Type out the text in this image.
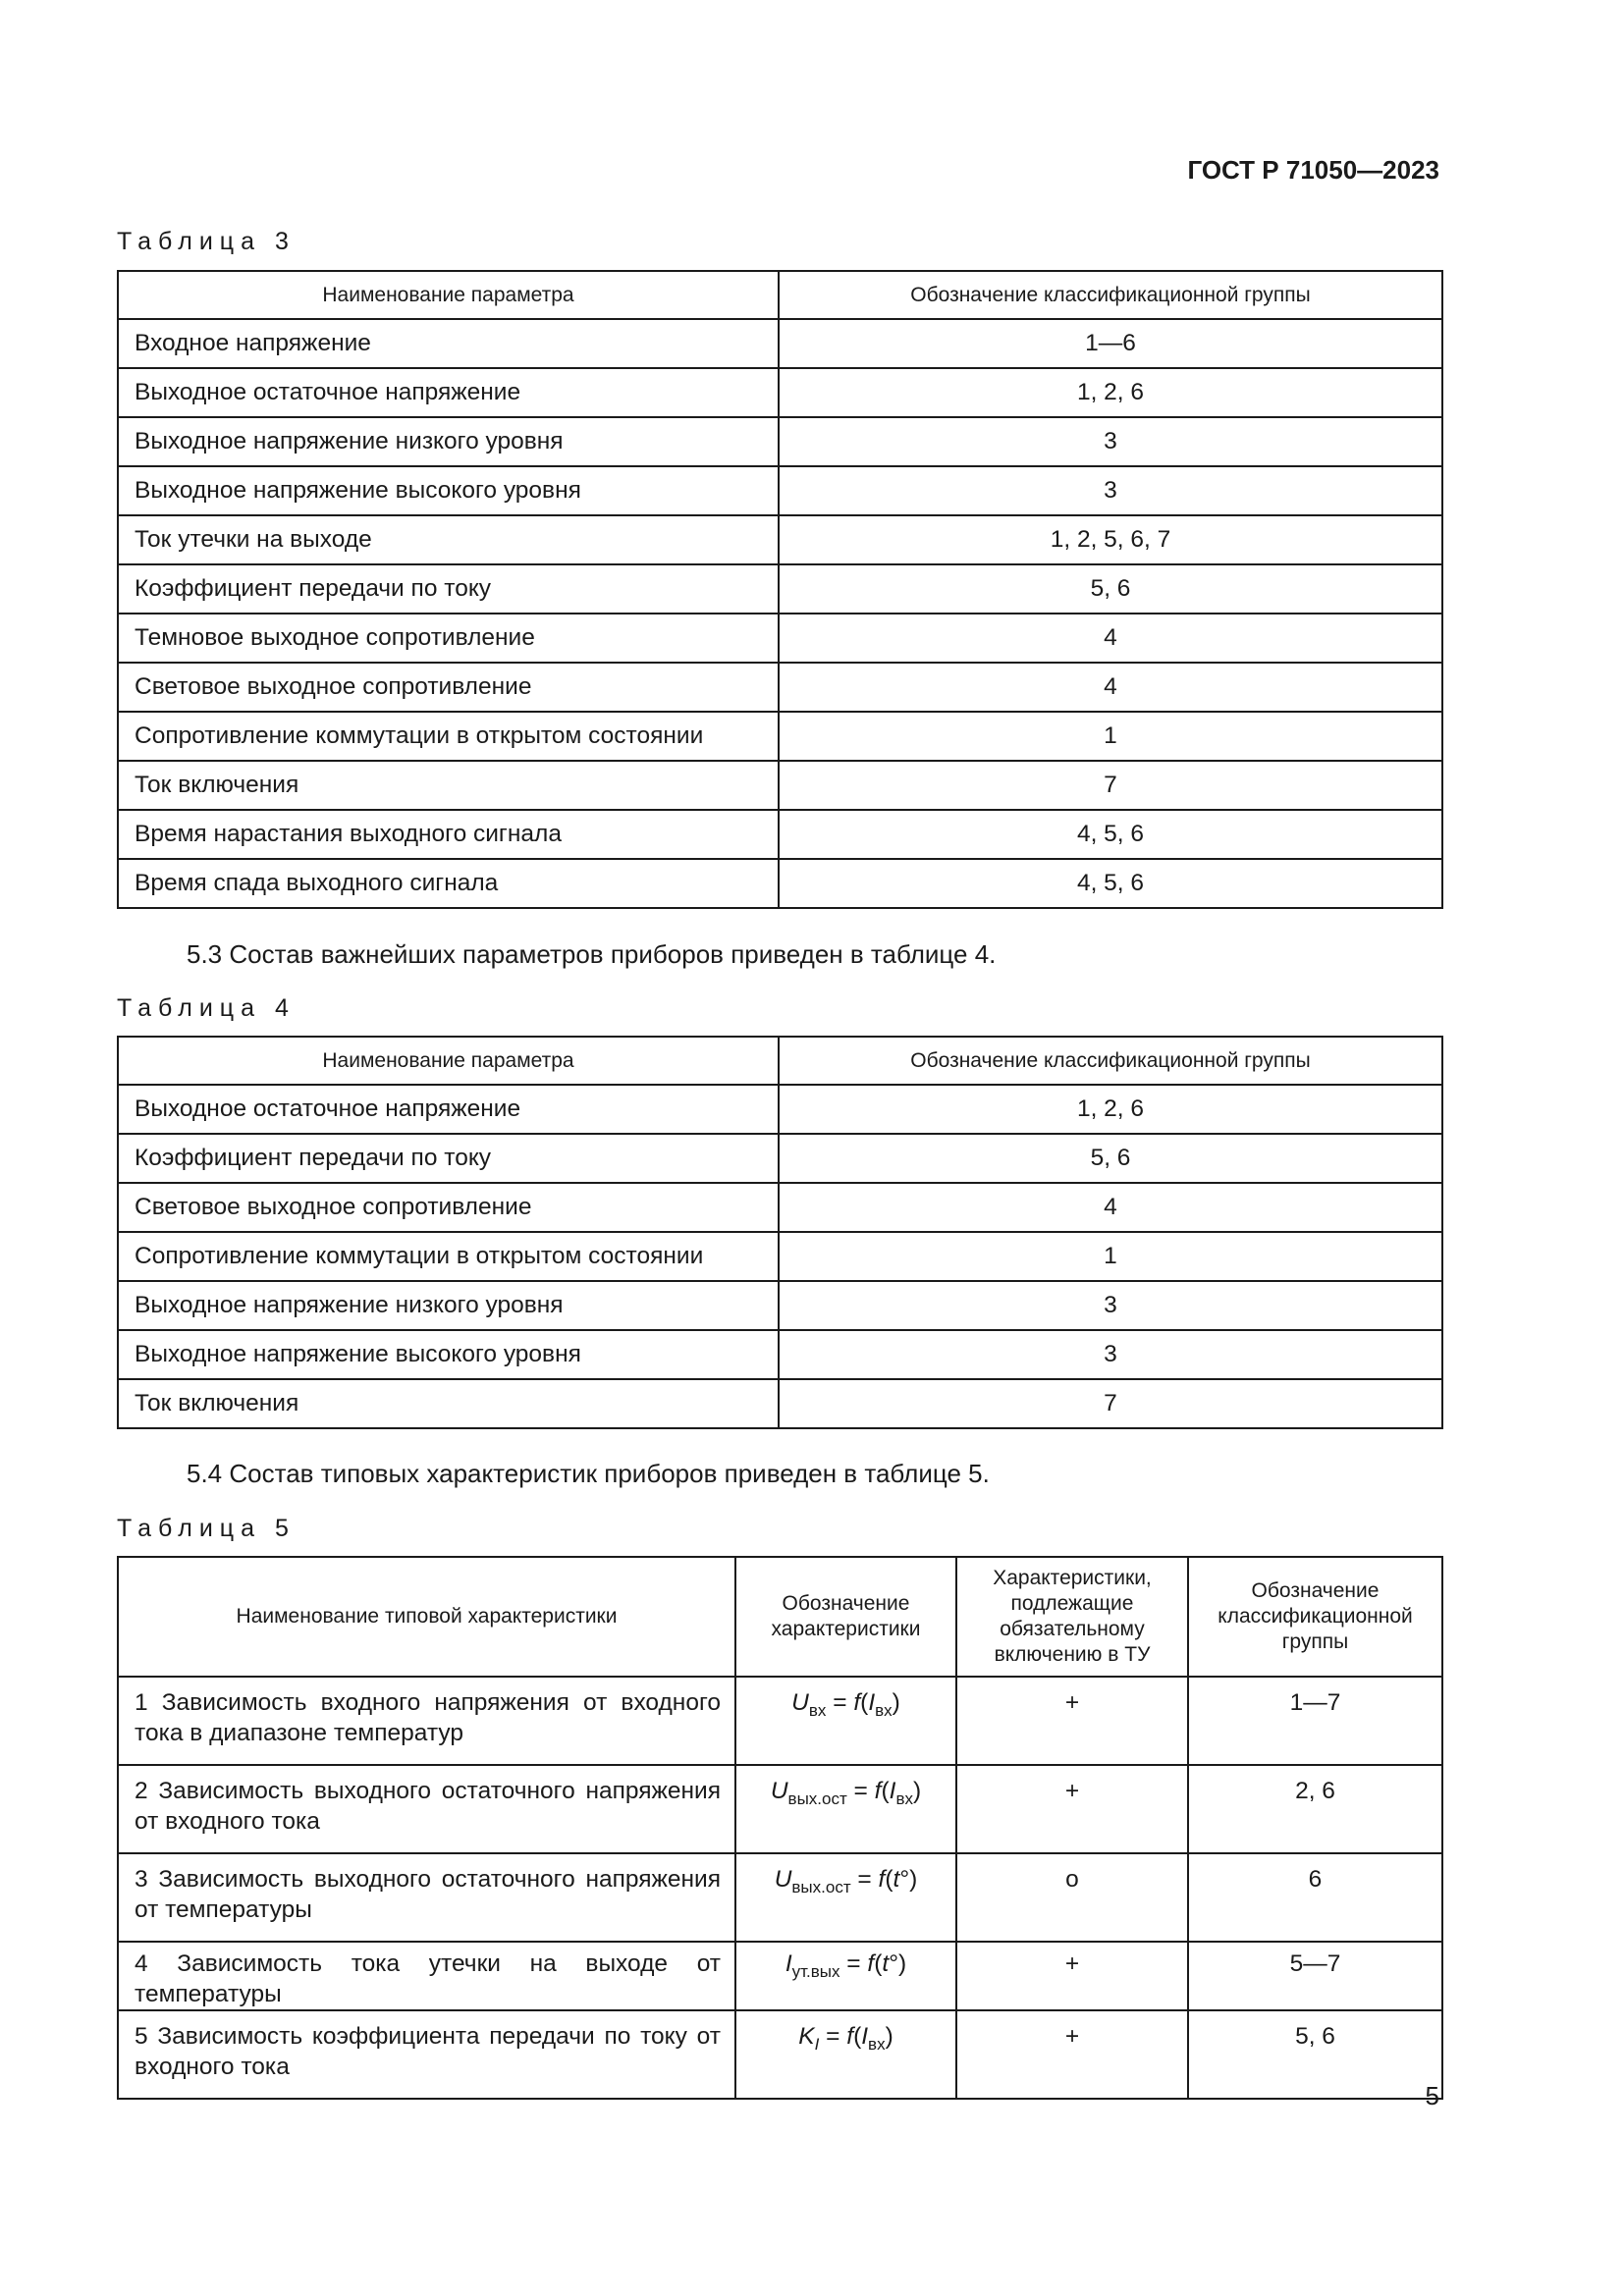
ГОСТ Р 71050—2023
Таблица 3
Наименование параметра	Обозначение классификационной группы
Входное напряжение	1—6
Выходное остаточное напряжение	1, 2, 6
Выходное напряжение низкого уровня	3
Выходное напряжение высокого уровня	3
Ток утечки на выходе	1, 2, 5, 6, 7
Коэффициент передачи по току	5, 6
Темновое выходное сопротивление	4
Световое выходное сопротивление	4
Сопротивление коммутации в открытом состоянии	1
Ток включения	7
Время нарастания выходного сигнала	4, 5, 6
Время спада выходного сигнала	4, 5, 6
5.3 Состав важнейших параметров приборов приведен в таблице 4.
Таблица 4
Наименование параметра	Обозначение классификационной группы
Выходное остаточное напряжение	1, 2, 6
Коэффициент передачи по току	5, 6
Световое выходное сопротивление	4
Сопротивление коммутации в открытом состоянии	1
Выходное напряжение низкого уровня	3
Выходное напряжение высокого уровня	3
Ток включения	7
5.4 Состав типовых характеристик приборов приведен в таблице 5.
Таблица 5
Наименование типовой характеристики	Обозначение характеристики	Характеристики, подлежащие обязательному включению в ТУ	Обозначение классификационной группы
1 Зависимость входного напряжения от входного тока в диапазоне температур	$U_{вх} = f(I_{вх})$	+	1—7
2 Зависимость выходного остаточного напряжения от входного тока	$U_{вых.ост} = f(I_{вх})$	+	2, 6
3 Зависимость выходного остаточного напряжения от температуры	$U_{вых.ост} = f(t^\circ)$	о	6
4 Зависимость тока утечки на выходе от температуры	$I_{ут.вых} = f(t^\circ)$	+	5—7
5 Зависимость коэффициента передачи по току от входного тока	$K_I = f(I_{вх})$	+	5, 6
5
